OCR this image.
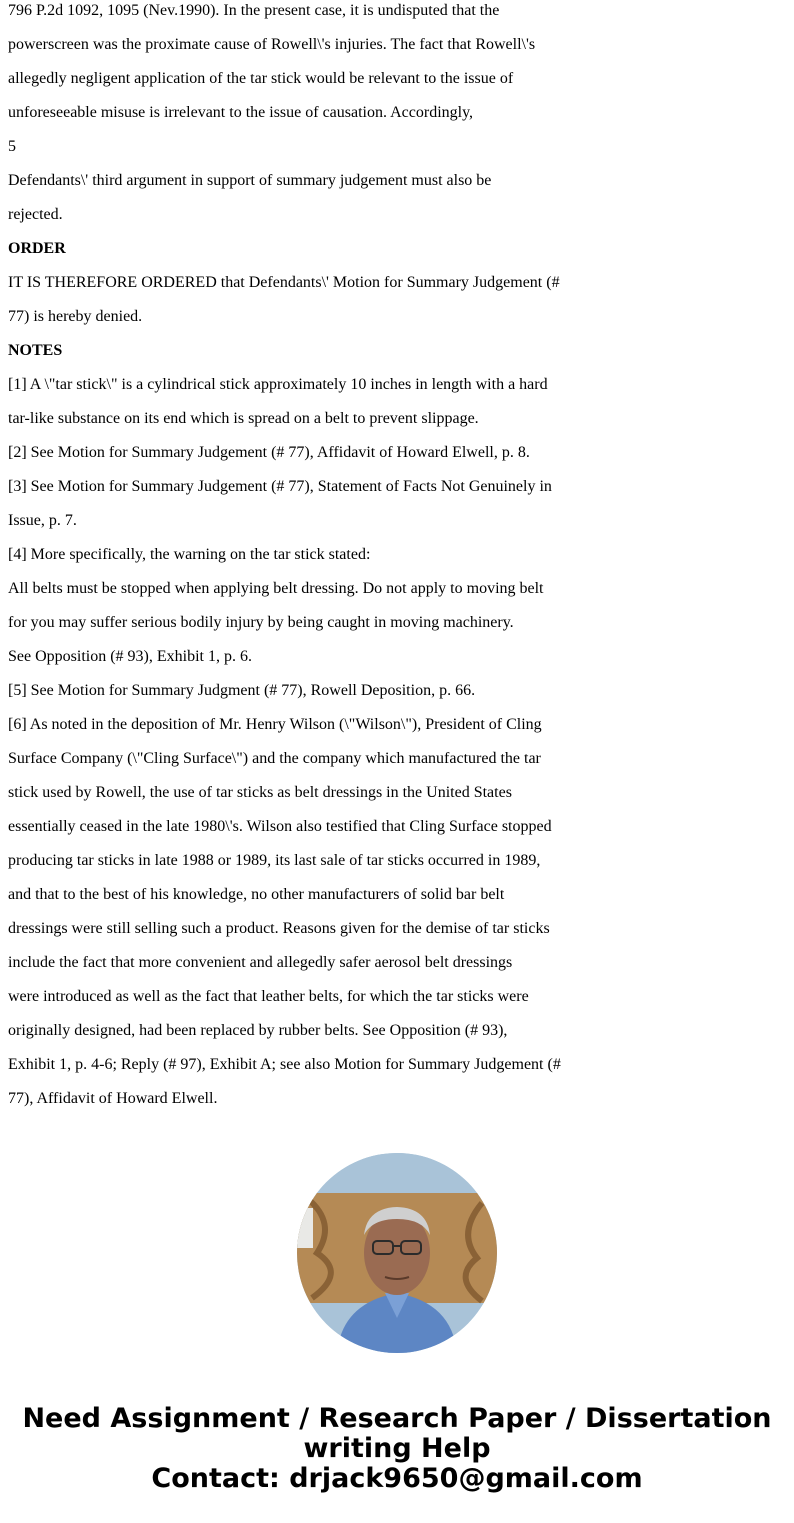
796 P.2d 1092, 1095 (Nev.1990). In the present case, it is undisputed that the
powerscreen was the proximate cause of Rowell\'s injuries. The fact that Rowell\'s
allegedly negligent application of the tar stick would be relevant to the issue of
unforeseeable misuse is irrelevant to the issue of causation. Accordingly,
5
Defendants\' third argument in support of summary judgement must also be
rejected.
ORDER
IT IS THEREFORE ORDERED that Defendants\' Motion for Summary Judgement (#
77) is hereby denied.
NOTES
[1] A \"tar stick\" is a cylindrical stick approximately 10 inches in length with a hard
tar-like substance on its end which is spread on a belt to prevent slippage.
[2] See Motion for Summary Judgement (# 77), Affidavit of Howard Elwell, p. 8.
[3] See Motion for Summary Judgement (# 77), Statement of Facts Not Genuinely in
Issue, p. 7.
[4] More specifically, the warning on the tar stick stated:
All belts must be stopped when applying belt dressing. Do not apply to moving belt
for you may suffer serious bodily injury by being caught in moving machinery.
See Opposition (# 93), Exhibit 1, p. 6.
[5] See Motion for Summary Judgment (# 77), Rowell Deposition, p. 66.
[6] As noted in the deposition of Mr. Henry Wilson (\"Wilson\"), President of Cling
Surface Company (\"Cling Surface\") and the company which manufactured the tar
stick used by Rowell, the use of tar sticks as belt dressings in the United States
essentially ceased in the late 1980\'s. Wilson also testified that Cling Surface stopped
producing tar sticks in late 1988 or 1989, its last sale of tar sticks occurred in 1989,
and that to the best of his knowledge, no other manufacturers of solid bar belt
dressings were still selling such a product. Reasons given for the demise of tar sticks
include the fact that more convenient and allegedly safer aerosol belt dressings
were introduced as well as the fact that leather belts, for which the tar sticks were
originally designed, had been replaced by rubber belts. See Opposition (# 93),
Exhibit 1, p. 4-6; Reply (# 97), Exhibit A; see also Motion for Summary Judgement (#
77), Affidavit of Howard Elwell.
Need Assignment / Research Paper / Dissertation
writing Help
Contact: drjack9650@gmail.com
